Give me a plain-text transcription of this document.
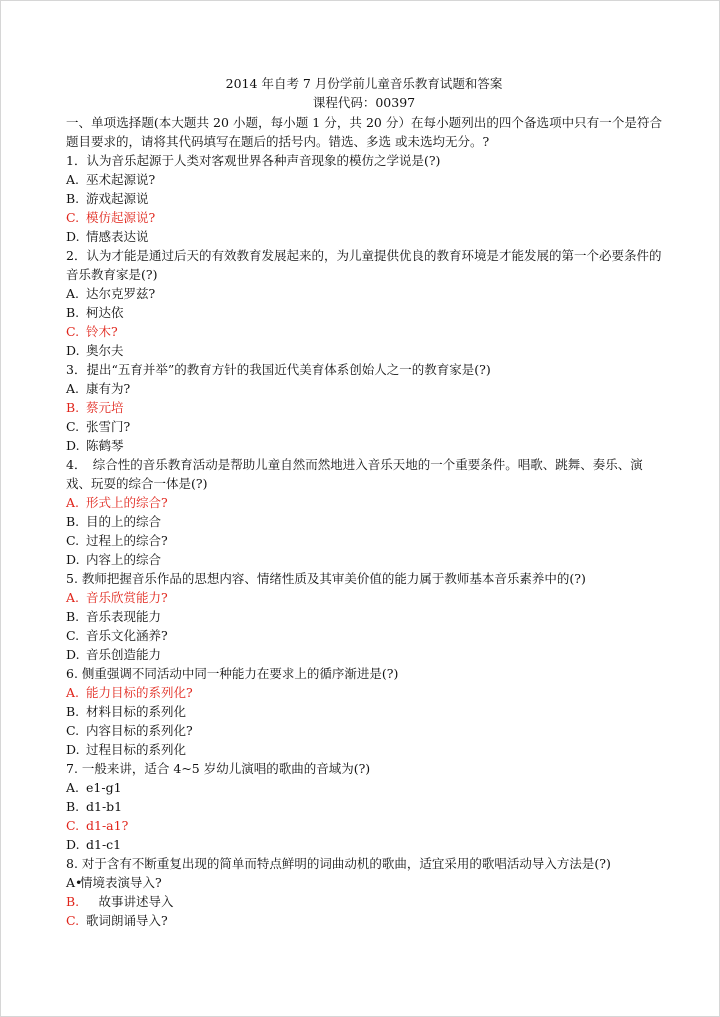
2014 年自考 7 月份学前儿童音乐教育试题和答案
课程代码：00397

一、单项选择题(本大题共 20 小题，每小题 1 分，共 20 分）在每小题列出的四个备选项中只有一个是符合题目要求的，请将其代码填写在题后的括号内。错选、多选 或未选均无分。?

1．认为音乐起源于人类对客观世界各种声音现象的模仿之学说是(?)

A. 巫术起源说?
B. 游戏起源说
C. 模仿起源说?
D. 情感表达说

2．认为才能是通过后天的有效教育发展起来的，为儿童提供优良的教育环境是才能发展的第一个必要条件的音乐教育家是(?)

A. 达尔克罗兹?
B. 柯达依
C. 铃木?
D. 奥尔夫

3．提出“五育并举”的教育方针的我国近代美育体系创始人之一的教育家是(?)

A. 康有为?
B. 蔡元培
C. 张雪门?
D. 陈鹤琴

4．　综合性的音乐教育活动是帮助儿童自然而然地进入音乐天地的一个重要条件。唱歌、跳舞、奏乐、演 戏、玩耍的综合一体是(?)

A. 形式上的综合?
B. 目的上的综合
C. 过程上的综合?
D. 内容上的综合

5. 教师把握音乐作品的思想内容、情绪性质及其审美价值的能力属于教师基本音乐素养中的(?)

A. 音乐欣赏能力?
B. 音乐表现能力
C. 音乐文化涵养?
D. 音乐创造能力

6. 侧重强调不同活动中同一种能力在要求上的循序渐进是(?)

A. 能力目标的系列化?
B. 材料目标的系列化
C. 内容目标的系列化?
D. 过程目标的系列化

7. 一般来讲，适合 4~5 岁幼儿演唱的歌曲的音域为(?)

A. e1-g1
B. d1-b1
C. d1-a1?
D. d1-c1

8. 对于含有不断重复出现的简单而特点鲜明的词曲动机的歌曲，适宜采用的歌唱活动导入方法是(?)

A•情境表演导入?
B.　故事讲述导入
C. 歌词朗诵导入?
